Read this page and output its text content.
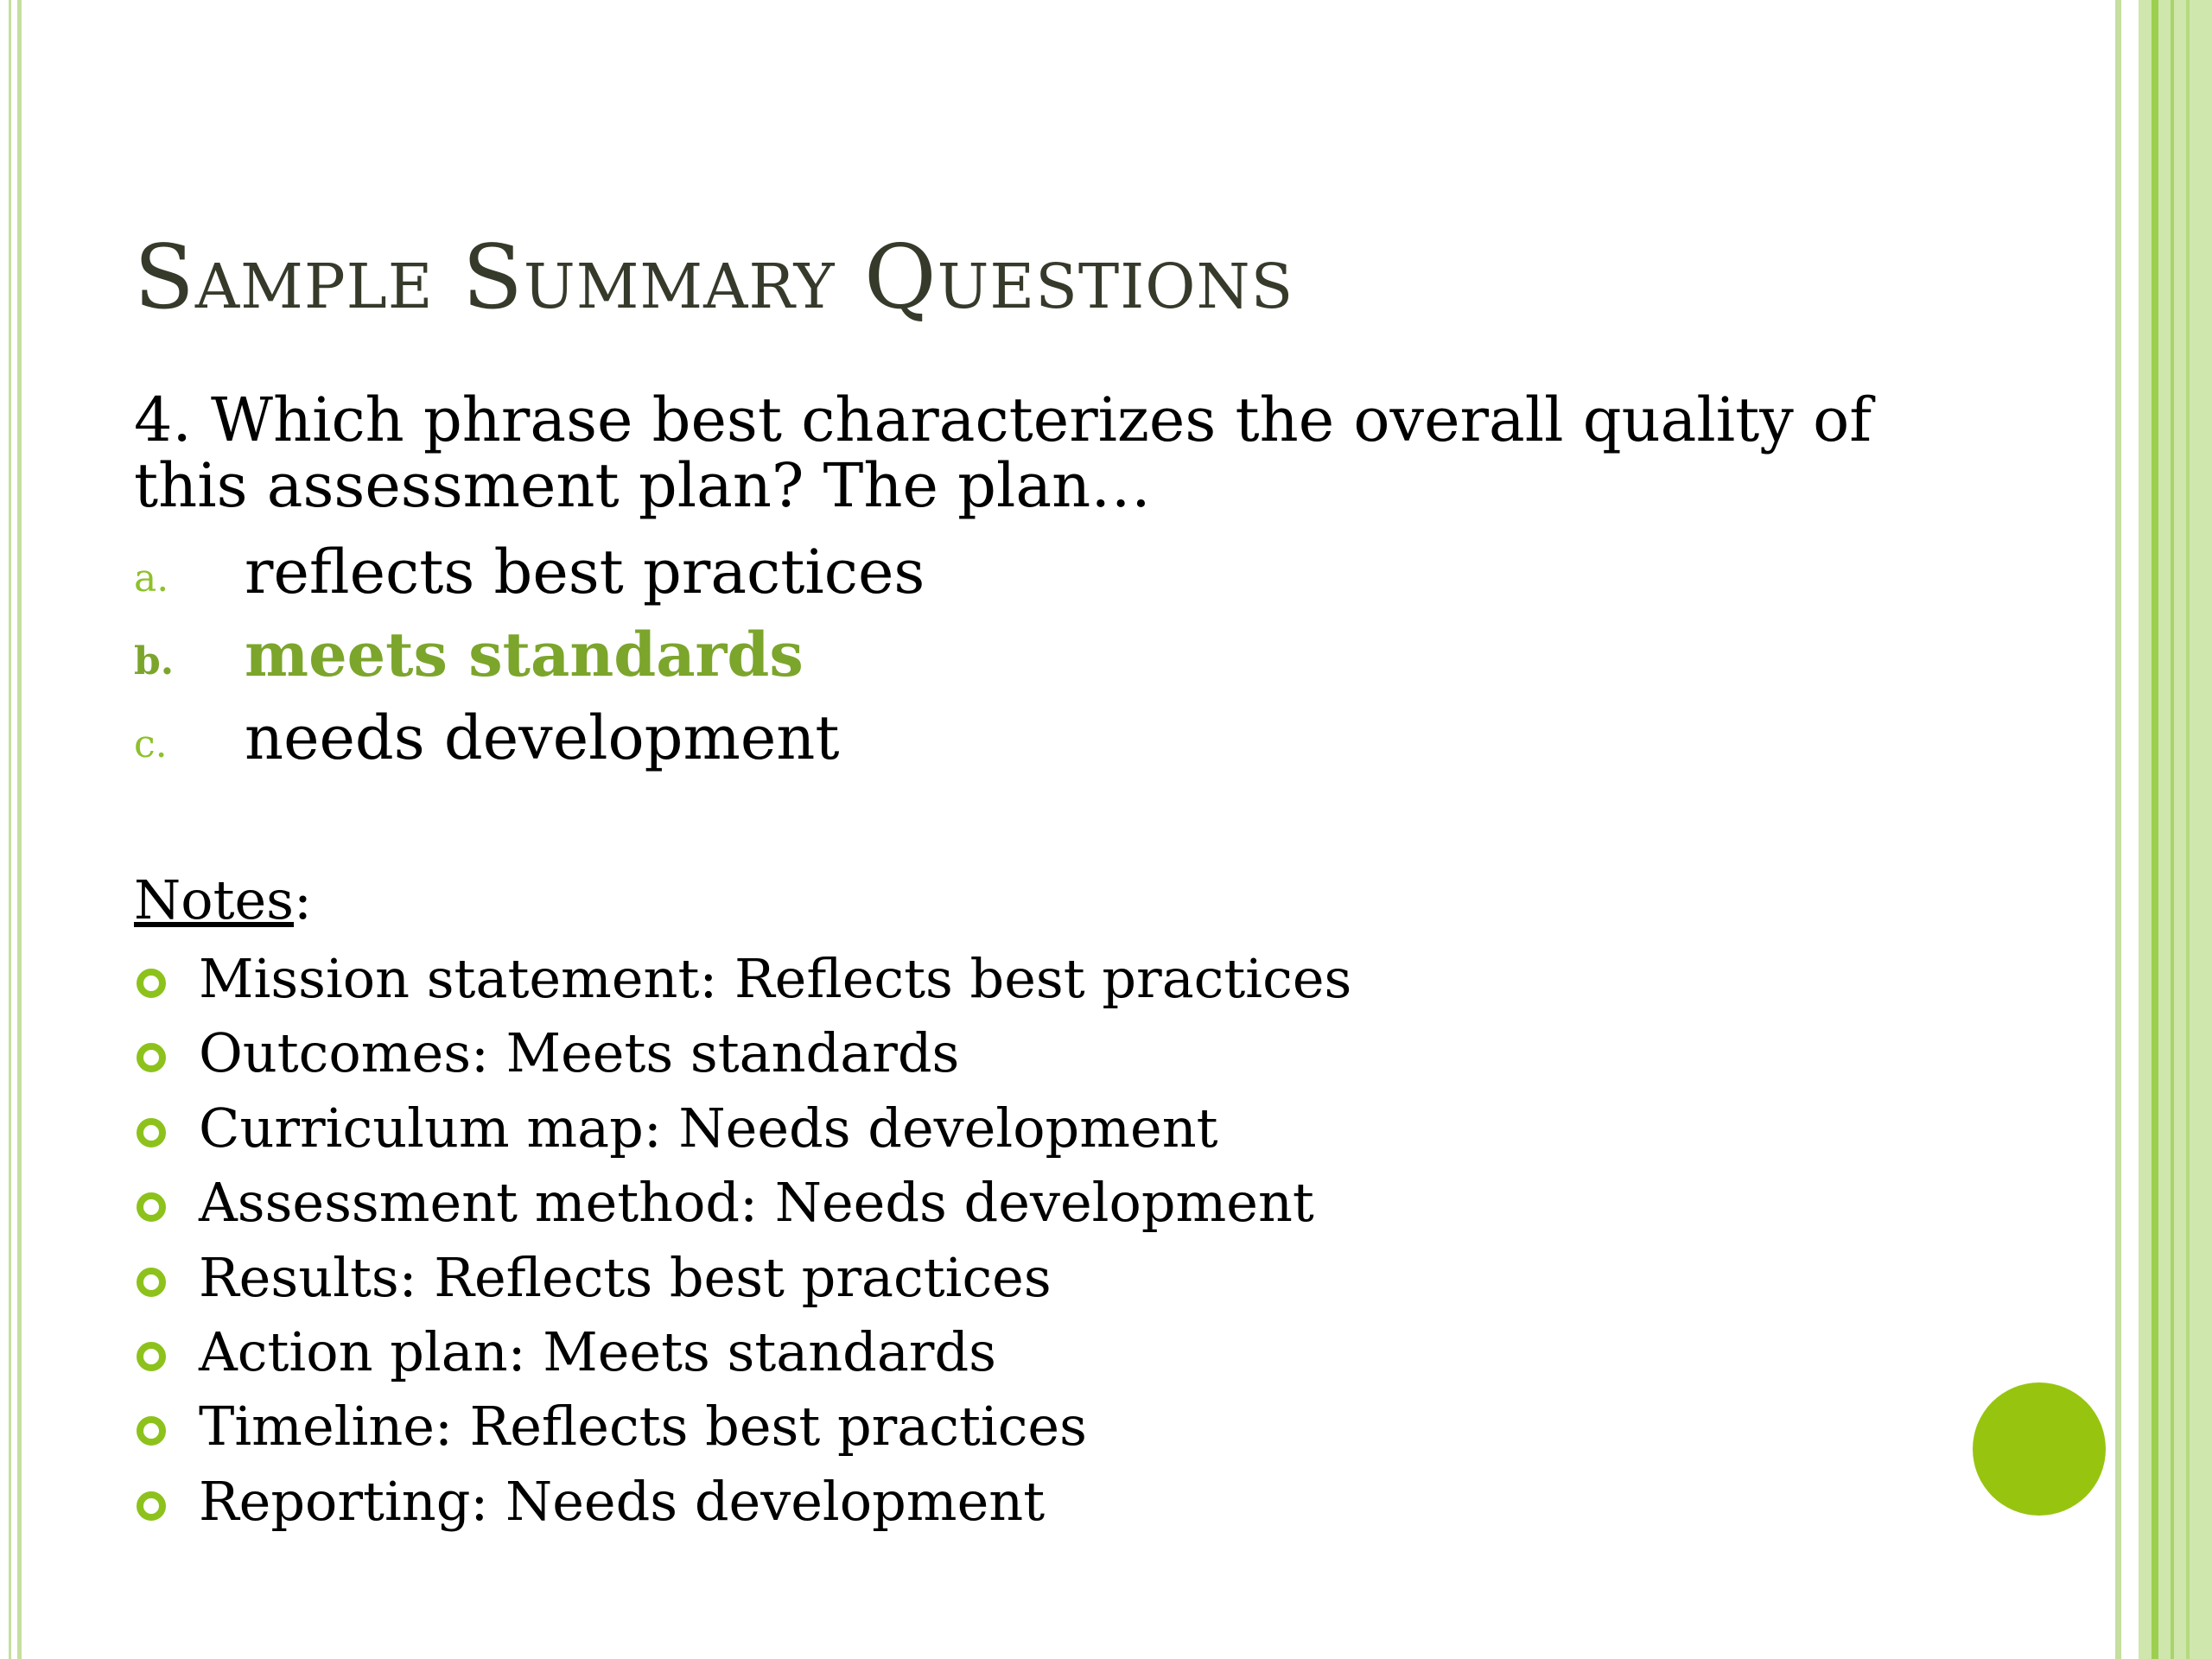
Sample Summary Questions

4. Which phrase best characterizes the overall quality of this assessment plan? The plan…

a. reflects best practices
b. meets standards
c. needs development

Notes:

Mission statement: Reflects best practices
Outcomes: Meets standards
Curriculum map: Needs development
Assessment method: Needs development
Results: Reflects best practices
Action plan: Meets standards
Timeline: Reflects best practices
Reporting: Needs development
